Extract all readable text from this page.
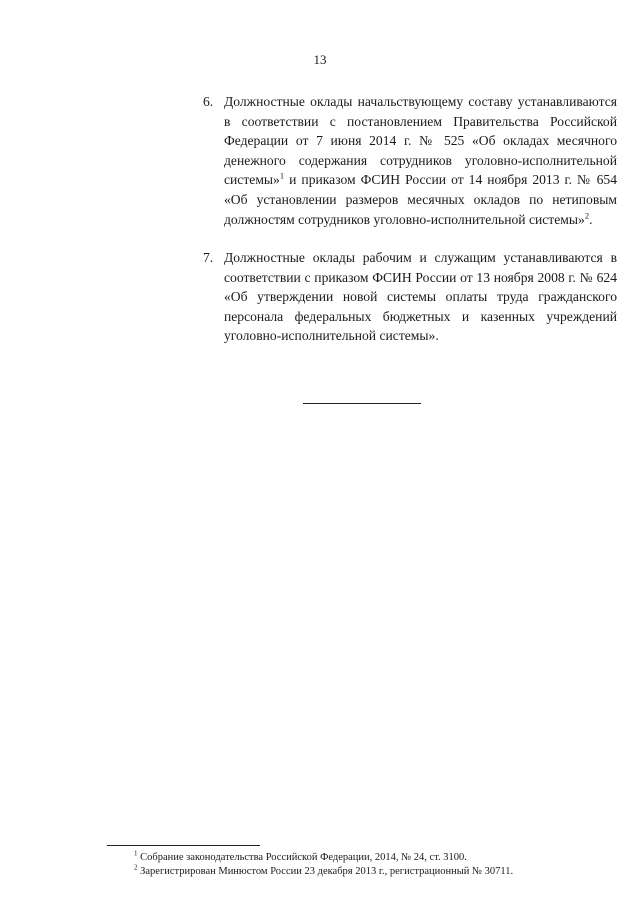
13
6. Должностные оклады начальствующему составу устанавливаются в соответствии с постановлением Правительства Российской Федерации от 7 июня 2014 г. № 525 «Об окладах месячного денежного содержания сотрудников уголовно-исполнительной системы»$^1$ и приказом ФСИН России от 14 ноября 2013 г. № 654 «Об установлении размеров месячных окладов по нетиповым должностям сотрудников уголовно-исполнительной системы»$^2$.
7. Должностные оклады рабочим и служащим устанавливаются в соответствии с приказом ФСИН России от 13 ноября 2008 г. № 624 «Об утверждении новой системы оплаты труда гражданского персонала федеральных бюджетных и казенных учреждений уголовно-исполнительной системы».
$^1$ Собрание законодательства Российской Федерации, 2014, № 24, ст. 3100.
$^2$ Зарегистрирован Минюстом России 23 декабря 2013 г., регистрационный № 30711.
